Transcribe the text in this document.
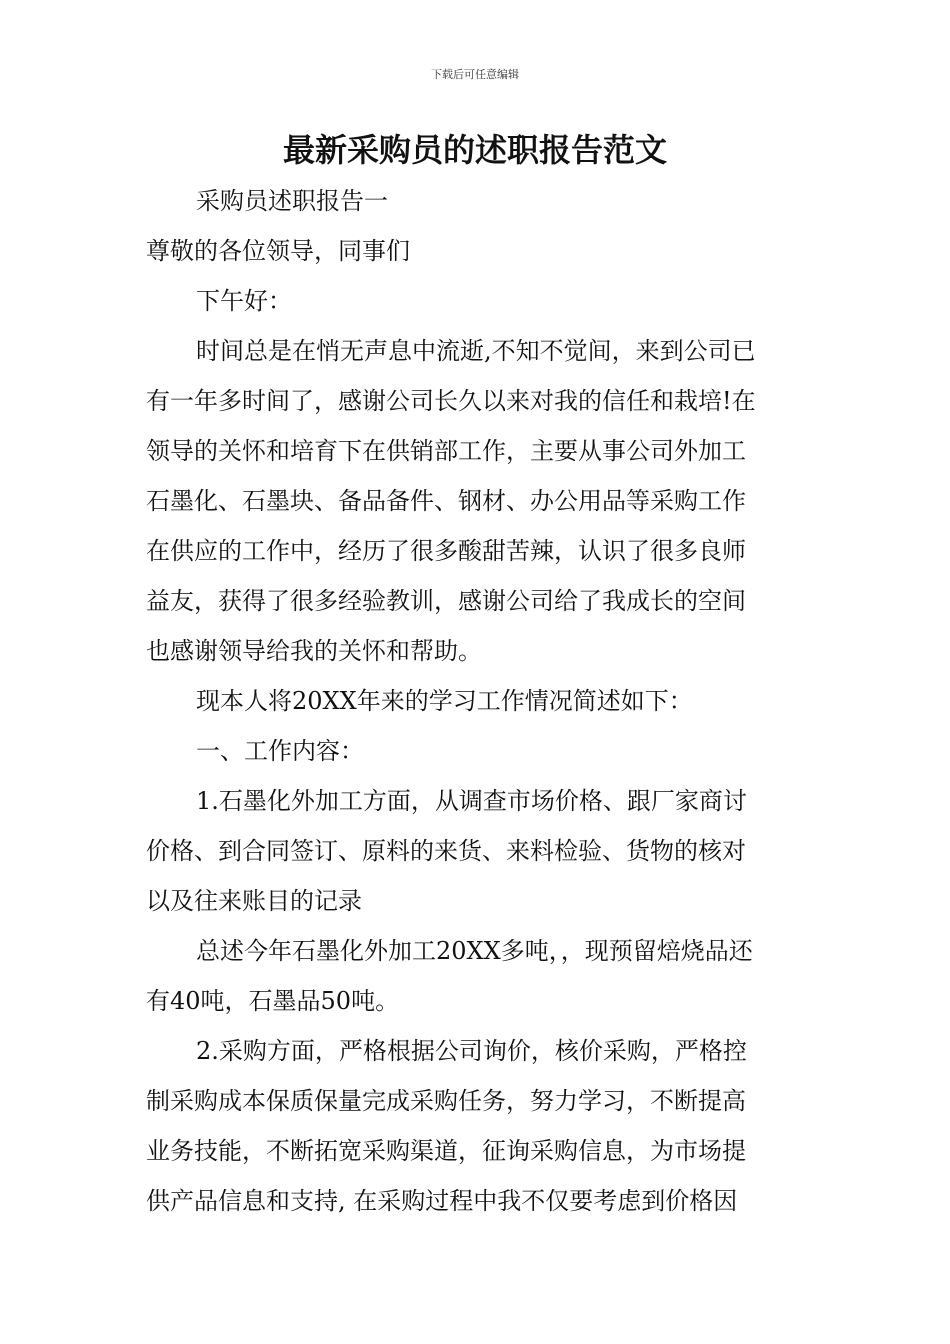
下载后可任意编辑
最新采购员的述职报告范文
采购员述职报告一
尊敬的各位领导，同事们
下午好：
时间总是在悄无声息中流逝,不知不觉间，来到公司已
有一年多时间了，感谢公司长久以来对我的信任和栽培!在
领导的关怀和培育下在供销部工作，主要从事公司外加工
石墨化、石墨块、备品备件、钢材、办公用品等采购工作
在供应的工作中，经历了很多酸甜苦辣，认识了很多良师
益友，获得了很多经验教训，感谢公司给了我成长的空间
也感谢领导给我的关怀和帮助。
现本人将20XX年来的学习工作情况简述如下：
一、工作内容：
1.石墨化外加工方面，从调查市场价格、跟厂家商讨
价格、到合同签订、原料的来货、来料检验、货物的核对
以及往来账目的记录
总述今年石墨化外加工20XX多吨，，现预留焙烧品还
有40吨，石墨品50吨。
2.采购方面，严格根据公司询价，核价采购，严格控
制采购成本保质保量完成采购任务，努力学习，不断提高
业务技能，不断拓宽采购渠道，征询采购信息，为市场提
供产品信息和支持, 在采购过程中我不仅要考虑到价格因
